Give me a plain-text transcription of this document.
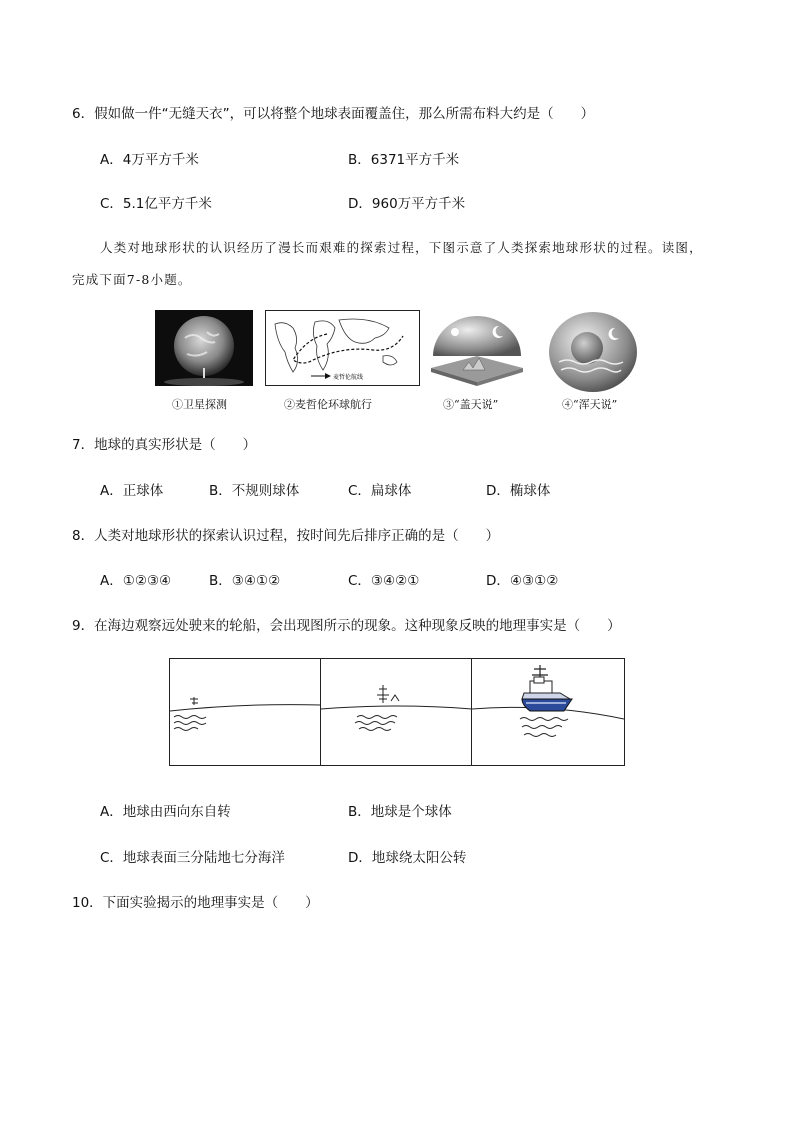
6．假如做一件“无缝天衣”，可以将整个地球表面覆盖住，那么所需布料大约是（　　）
A．4万平方千米	B．6371平方千米
C．5.1亿平方千米	D．960万平方千米
人类对地球形状的认识经历了漫长而艰难的探索过程，下图示意了人类探索地球形状的过程。读图，
完成下面7-8小题。
麦哲伦航线
①卫星探测	②麦哲伦环球航行	③“盖天说”	④“浑天说”
7．地球的真实形状是（　　）
A．正球体	B．不规则球体	C．扁球体	D．椭球体
8．人类对地球形状的探索认识过程，按时间先后排序正确的是（　　）
A．①②③④	B．③④①②	C．③④②①	D．④③①②
9．在海边观察远处驶来的轮船，会出现图所示的现象。这种现象反映的地理事实是（　　）
A．地球由西向东自转	B．地球是个球体
C．地球表面三分陆地七分海洋	D．地球绕太阳公转
10．下面实验揭示的地理事实是（　　）
